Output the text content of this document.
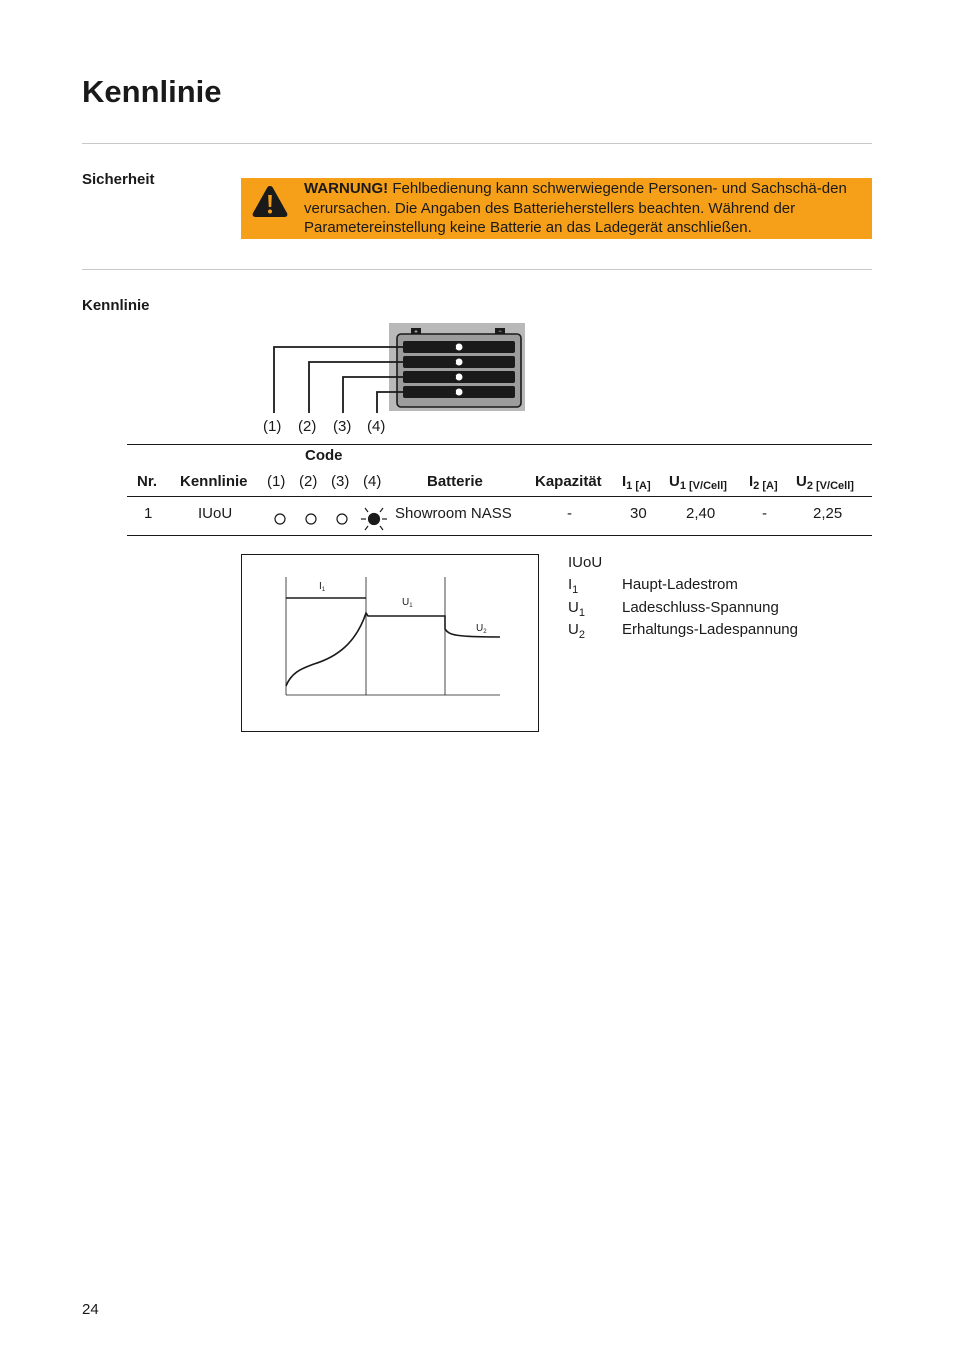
Kennlinie
Sicherheit
WARNUNG! Fehlbedienung kann schwerwiegende Personen- und Sachschä-den verursachen. Die Angaben des Batterieherstellers beachten. Während der Parametereinstellung keine Batterie an das Ladegerät anschließen.
Kennlinie
+	−
(1) (2) (3) (4)
Code
Nr. Kennlinie (1) (2) (3) (4)	Batterie	Kapazität $I_{1 [A]}$ $U_{1 [V/Cell]}$ $I_{2 [A]}$ $U_{2 [V/Cell]}$
1	IUoU	Showroom NASS	-	30	2,40	-	2,25
$I_1$
$U_1$
$U_2$
IUoU
$I_1$	Haupt-Ladestrom
$U_1$ Ladeschluss-Spannung
$U_2$ Erhaltungs-Ladespannung
24
